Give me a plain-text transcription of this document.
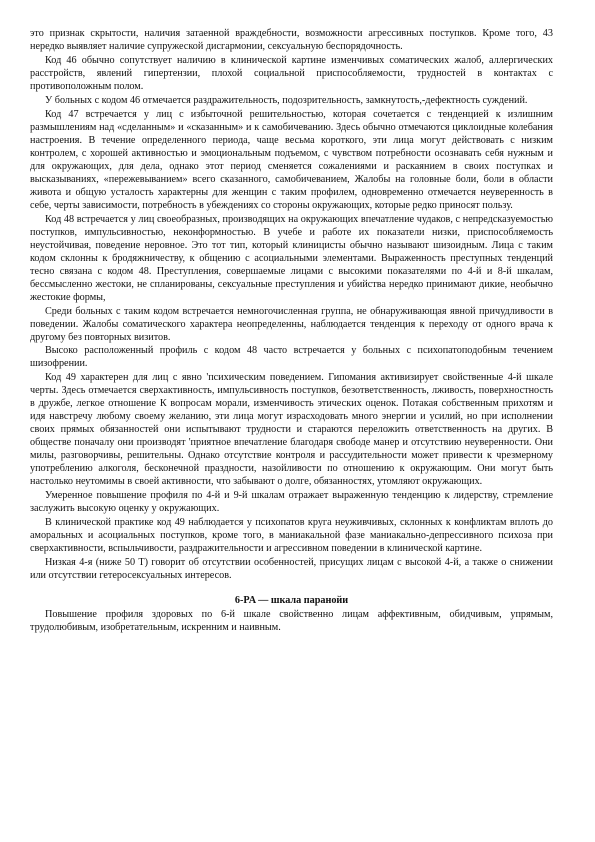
это признак скрытости, наличия затаенной враждебности, возможности агрессивных поступков. Кроме того, 43 нередко выявляет наличие супружеской дисгармонии, сексуальную беспорядочность.

Код 46 обычно сопутствует наличию в клинической картине изменчивых соматических жалоб, аллергических расстройств, явлений гипертензии, плохой социальной приспособляемости, трудностей в контактах с противоположным полом.

У больных с кодом 46 отмечается раздражительность, подозрительность, замкнутость,-дефектность суждений.

Код 47 встречается у лиц с избыточной решительностью, которая сочетается с тенденцией к излишним размышлениям над «сделанным» и «сказанным» и к самобичеванию. Здесь обычно отмечаются циклоидные колебания настроения. В течение определенного периода, чаще весьма короткого, эти лица могут действовать с низким контролем, с хорошей активностью и эмоциональным подъемом, с чувством потребности осознавать себя нужным и для окружающих, для дела, однако этот период сменяется сожалениями и раскаянием в своих поступках и высказываниях, «пережевыванием» всего сказанного, самобичеванием, Жалобы на головные боли, боли в области живота и общую усталость характерны для женщин с таким профилем, одновременно отмечается неуверенность в себе, черты зависимости, потребность в убеждениях со стороны окружающих, которые редко приносят пользу.

Код 48 встречается у лиц своеобразных, производящих на окружающих впечатление чудаков, с непредсказуемостью поступков, импульсивностью, неконформностью. В учебе и работе их показатели низки, приспособляемость неустойчивая, поведение неровное. Это тот тип, который клиницисты обычно называют шизоидным. Лица с таким кодом склонны к бродяжничеству, к общению с асоциальными элементами. Выраженность преступных тенденций тесно связана с кодом 48. Преступления, совершаемые лицами с высокими показателями по 4-й и 8-й шкалам, бессмысленно жестоки, не спланированы, сексуальные преступления и убийства нередко принимают дикие, необычно жестокие формы,

Среди больных с таким кодом встречается немногочисленная группа, не обнаруживающая явной причудливости в поведении. Жалобы соматического характера неопределенны, наблюдается тенденция к переходу от одного врача к другому без повторных визитов.

Высоко расположенный профиль с кодом 48 часто встречается у больных с психопатоподобным течением шизофрении.

Код 49 характерен для лиц с явно 'психическим поведением. Гипомания активизирует свойственные 4-й шкале черты. Здесь отмечается сверхактивность, импульсивность поступков, безответственность, лживость, поверхностность в дружбе, легкое отношение К вопросам морали, изменчивость этических оценок. Потакая собственным прихотям и идя навстречу любому своему желанию, эти лица могут израсходовать много энергии и усилий, но при исполнении своих прямых обязанностей они испытывают трудности и стараются переложить ответственность на других. В обществе поначалу они производят 'приятное впечатление благодаря свободе манер и отсутствию неуверенности. Они милы, разговорчивы, решительны. Однако отсутствие контроля и рассудительности может привести к чрезмерному употреблению алкоголя, бесконечной праздности, назойливости по отношению к окружающим. Они могут быть настолько неутомимы в своей активности, что забывают о долге, обязанностях, утомляют окружающих.

Умеренное повышение профиля по 4-й и 9-й шкалам отражает выраженную тенденцию к лидерству, стремление заслужить высокую оценку у окружающих.

В клинической практике код 49 наблюдается у психопатов круга неуживчивых, склонных к конфликтам вплоть до аморальных и асоциальных поступков, кроме того, в маниакальной фазе маниакально-депрессивного психоза при сверхактивности, вспыльчивости, раздражительности и агрессивном поведении в клинической картине.

Низкая 4-я (ниже 50 Т) говорит об отсутствии особенностей, присущих лицам с высокой 4-й, а также о снижении или отсутствии гетеросексуальных интересов.

6-PA — шкала паранойи

Повышение профиля здоровых по 6-й шкале свойственно лицам аффективным, обидчивым, упрямым, трудолюбивым, изобретательным, искренним и наивным.
